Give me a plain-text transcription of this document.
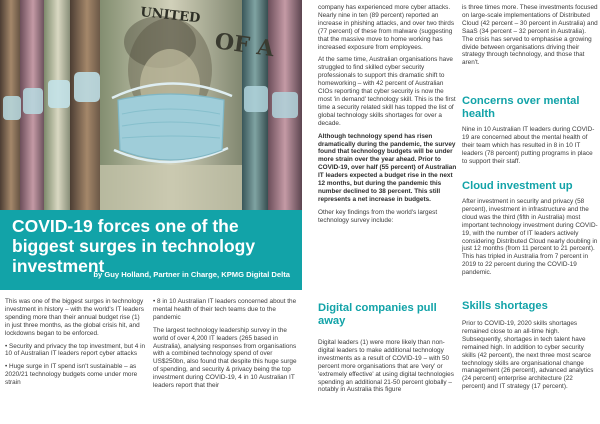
UNITED
OF A
COVID-19 forces one of the biggest surges in technology investment

by Guy Holland, Partner in Charge, KPMG Digital Delta

This was one of the biggest surges in technology investment in history – with the world's IT leaders spending more than their annual budget rise (1) in just three months, as the global crisis hit, and lockdowns began to be enforced.

• Security and privacy the top investment, but 4 in 10 of Australian IT leaders report cyber attacks

• Huge surge in IT spend isn't sustainable – as 2020/21 technology budgets come under more strain

• 8 in 10 Australian IT leaders concerned about the mental health of their tech teams due to the pandemic

The largest technology leadership survey in the world of over 4,200 IT leaders (265 based in Australia), analysing responses from organisations with a combined technology spend of over US$250bn, also found that despite this huge surge of spending, and security & privacy being the top investment during COVID-19, 4 in 10 Australian IT leaders report that their

company has experienced more cyber attacks. Nearly nine in ten (89 percent) reported an increase in phishing attacks, and over two thirds (77 percent) of these from malware (suggesting that the massive move to home working has increased exposure from employees.

At the same time, Australian organisations have struggled to find skilled cyber security professionals to support this dramatic shift to homeworking – with 42 percent of Australian CIOs reporting that cyber security is now the most 'in demand' technology skill. This is the first time a security related skill has topped the list of global technology skills shortages for over a decade.

Although technology spend has risen dramatically during the pandemic, the survey found that technology budgets will be under more strain over the year ahead. Prior to COVID-19, over half (55 percent) of Australian IT leaders expected a budget rise in the next 12 months, but during the pandemic this number declined to 38 percent. This still represents a net increase in budgets.

Other key findings from the world's largest technology survey include:

Digital companies pull away

Digital leaders (1) were more likely than non-digital leaders to make additional technology investments as a result of COVID-19 – with 50 percent more organisations that are 'very' or 'extremely effective' at using digital technologies spending an additional 21-50 percent globally – notably in Australia this figure

is three times more. These investments focused on large-scale implementations of Distributed Cloud (42 percent – 30 percent in Australia) and SaaS (34 percent – 32 percent in Australia). The crisis has served to emphasise a growing divide between organisations driving their strategy through technology, and those that aren't.

Concerns over mental health

Nine in 10 Australian IT leaders during COVID-19 are concerned about the mental health of their team which has resulted in 8 in 10 IT leaders (78 percent) putting programs in place to support their staff.

Cloud investment up

After investment in security and privacy (58 percent), investment in infrastructure and the cloud was the third (fifth in Australia) most important technology investment during COVID-19, with the number of IT leaders actively considering Distributed Cloud nearly doubling in just 12 months (from 11 percent to 21 percent). This has tripled in Australia from 7 percent in 2019 to 22 percent during the COVID-19 pandemic.

Skills shortages

Prior to COVID-19, 2020 skills shortages remained close to an all-time high. Subsequently, shortages in tech talent have remained high. In addition to cyber security skills (42 percent), the next three most scarce technology skills are organisational change management (26 percent), advanced analytics (24 percent) enterprise architecture (22 percent) and IT strategy (17 percent).
